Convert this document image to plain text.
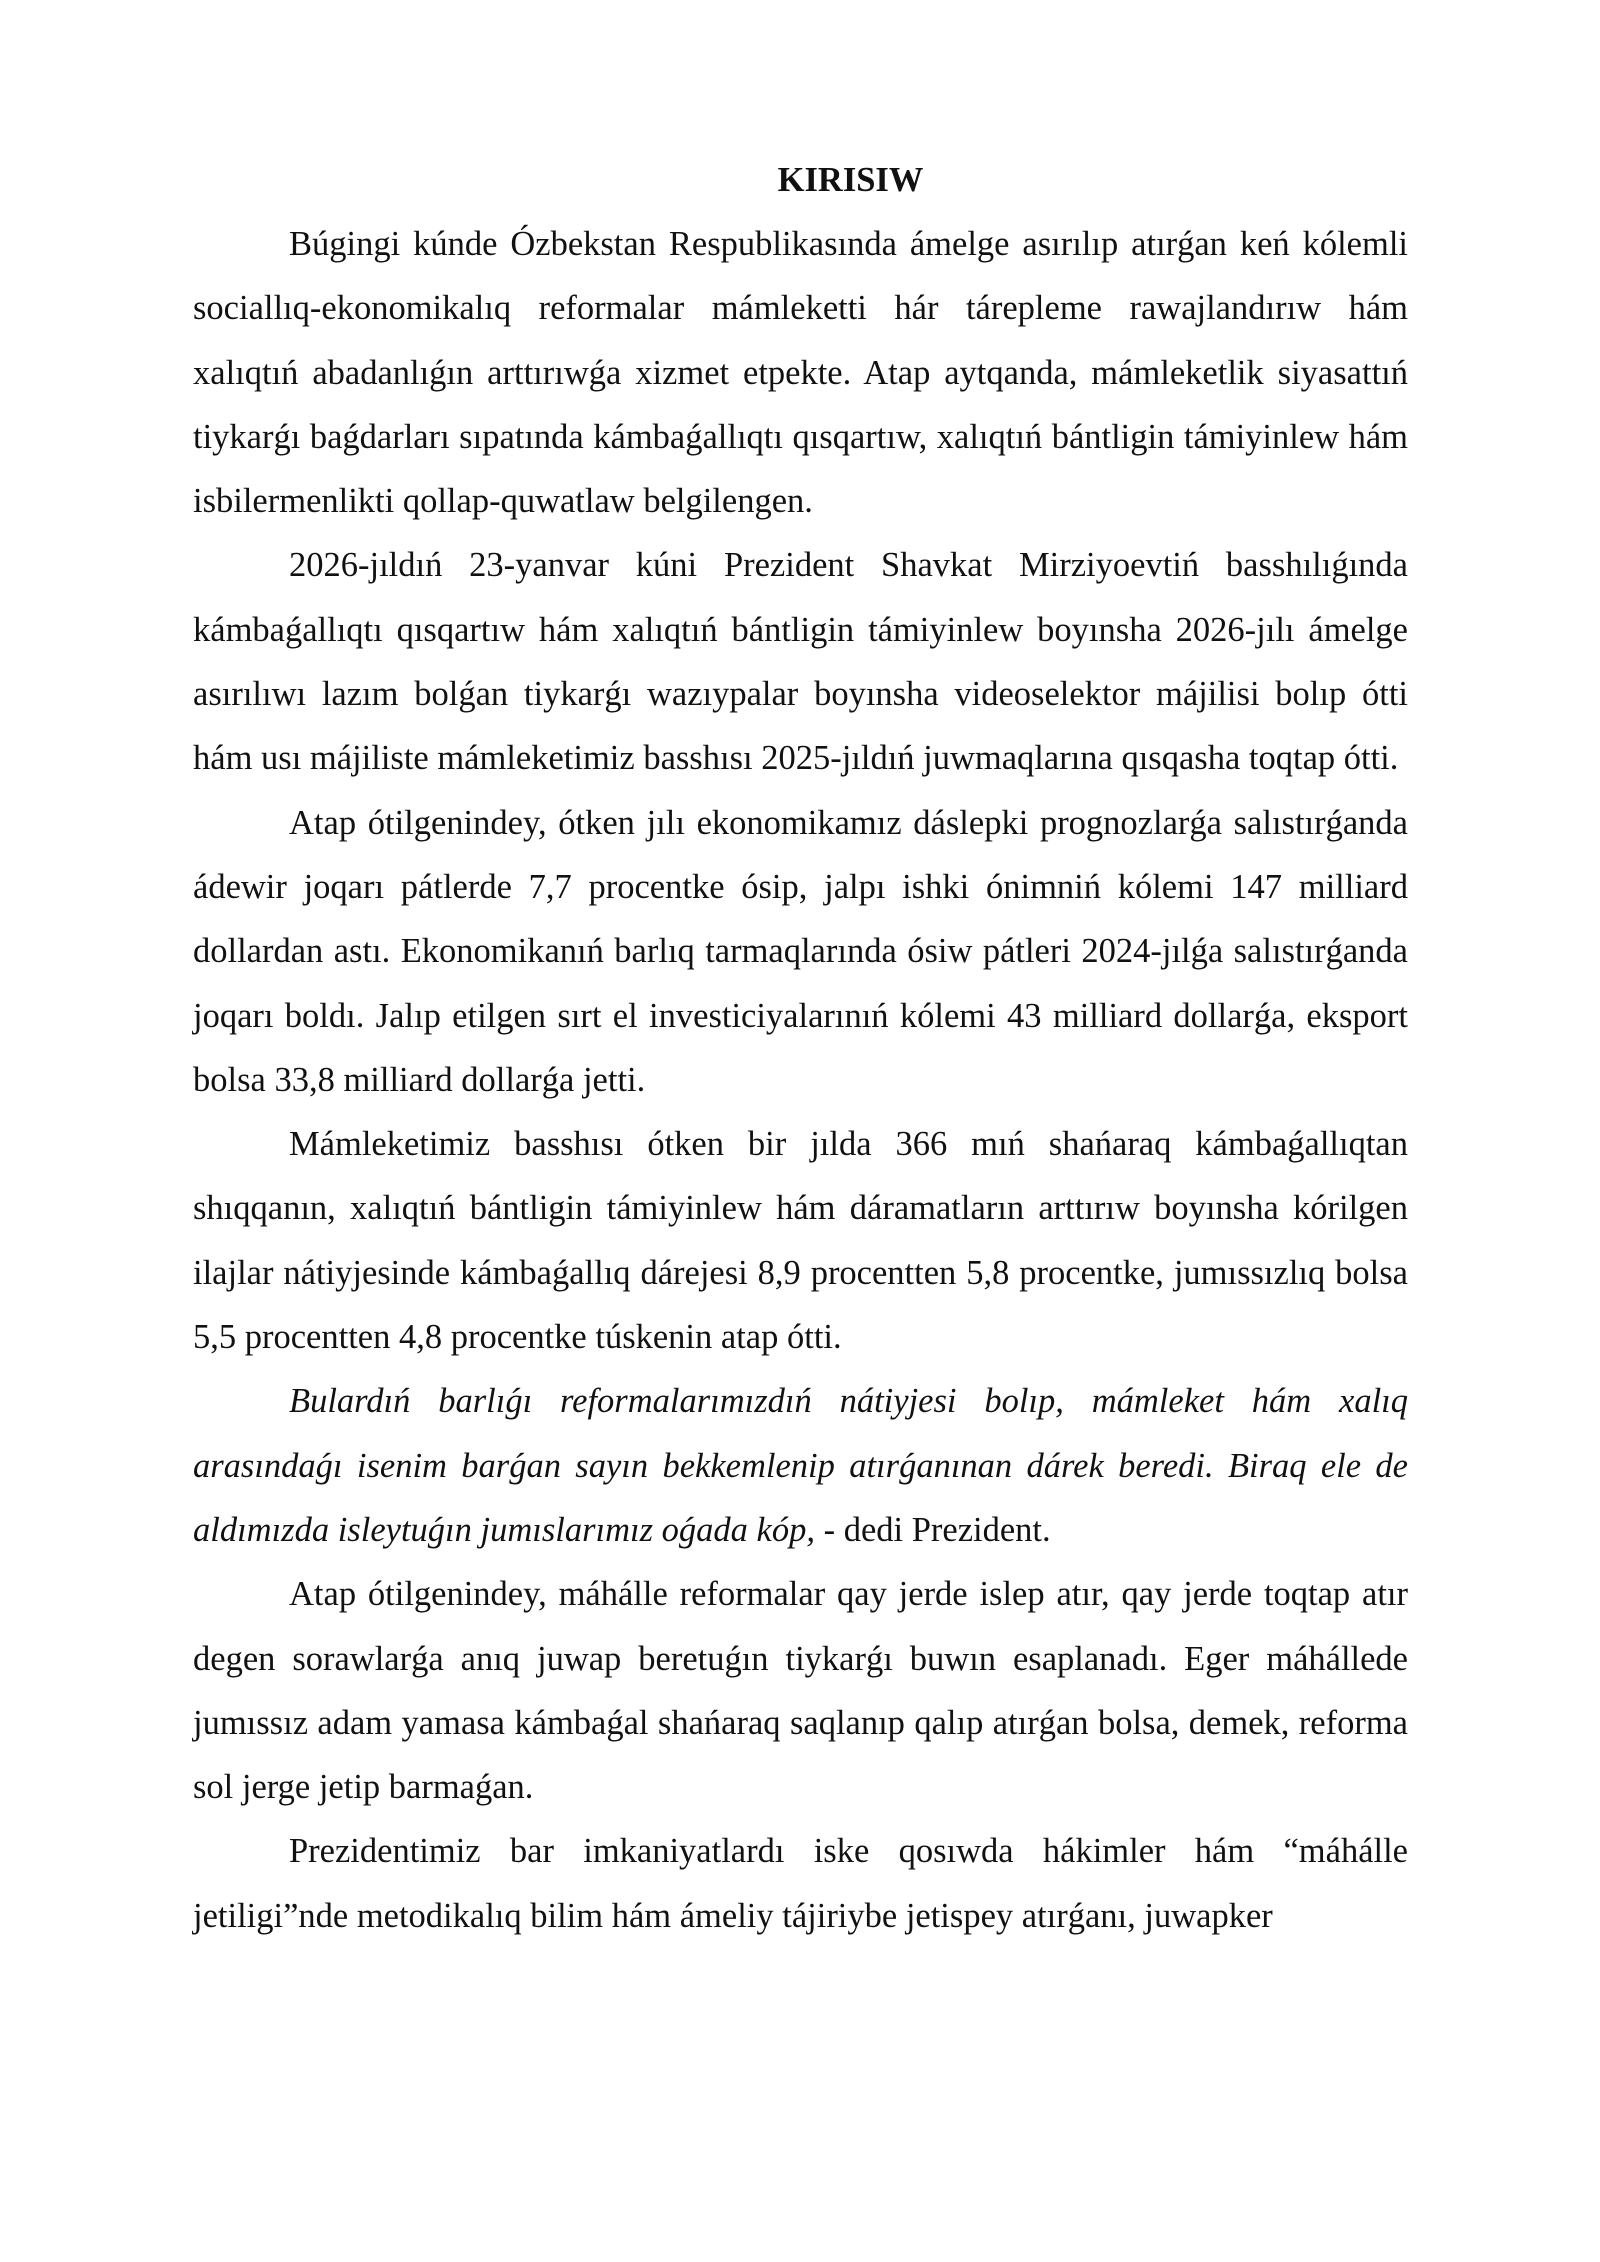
KIRISIW

Búgingi kúnde Ózbekstan Respublikasında ámelge asırılıp atırǵan keń kólemli sociallıq-ekonomikalıq reformalar mámleketti hár tárepleme rawajlandırıw hám xalıqtıń abadanlıǵın arttırıwǵa xizmet etpekte. Atap aytqanda, mámleketlik siyasattıń tiykarǵı baǵdarları sıpatında kámbaǵallıqtı qısqartıw, xalıqtıń bántligin támiyinlew hám isbilermenlikti qollap-quwatlaw belgilengen.

2026-jıldıń 23-yanvar kúni Prezident Shavkat Mirziyoevtiń basshılıǵında kámbaǵallıqtı qısqartıw hám xalıqtıń bántligin támiyinlew boyınsha 2026-jılı ámelge asırılıwı lazım bolǵan tiykarǵı wazıypalar boyınsha videoselektor májilisi bolıp ótti hám usı májiliste mámleketimiz basshısı 2025-jıldıń juwmaqlarına qısqasha toqtap ótti.

Atap ótilgenindey, ótken jılı ekonomikamız dáslepki prognozlarǵa salıstırǵanda ádewir joqarı pátlerde 7,7 procentke ósip, jalpı ishki ónimniń kólemi 147 milliard dollardan astı. Ekonomikanıń barlıq tarmaqlarında ósiw pátleri 2024-jılǵa salıstırǵanda joqarı boldı. Jalıp etilgen sırt el investiciyalarınıń kólemi 43 milliard dollarǵa, eksport bolsa 33,8 milliard dollarǵa jetti.

Mámleketimiz basshısı ótken bir jılda 366 mıń shańaraq kámbaǵallıqtan shıqqanın, xalıqtıń bántligin támiyinlew hám dáramatların arttırıw boyınsha kórilgen ilajlar nátiyjesinde kámbaǵallıq dárejesi 8,9 procentten 5,8 procentke, jumıssızlıq bolsa 5,5 procentten 4,8 procentke túskenin atap ótti.

Bulardıń barlıǵı reformalarımızdıń nátiyjesi bolıp, mámleket hám xalıq arasındaǵı isenim barǵan sayın bekkemlenip atırǵanınan dárek beredi. Biraq ele de aldımızda isleytuǵın jumıslarımız oǵada kóp, - dedi Prezident.

Atap ótilgenindey, máhálle reformalar qay jerde islep atır, qay jerde toqtap atır degen sorawlarǵa anıq juwap beretuǵın tiykarǵı buwın esaplanadı. Eger máhállede jumıssız adam yamasa kámbaǵal shańaraq saqlanıp qalıp atırǵan bolsa, demek, reforma sol jerge jetip barmaǵan.

Prezidentimiz bar imkaniyatlardı iske qosıwda hákimler hám “máhálle jetiligi”nde metodikalıq bilim hám ámeliy tájiriybe jetispey atırǵanı, juwapker
